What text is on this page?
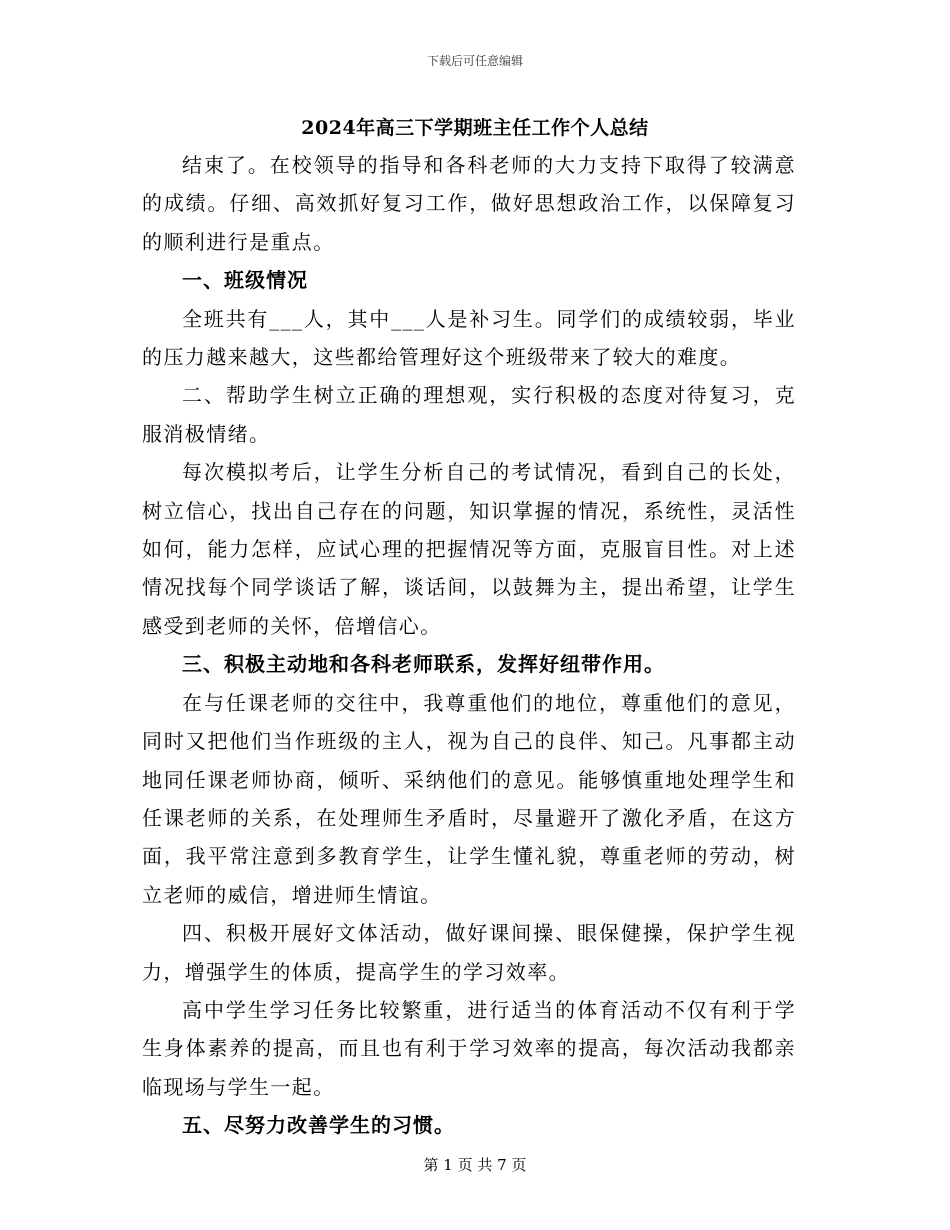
下载后可任意编辑
2024年高三下学期班主任工作个人总结

结束了。在校领导的指导和各科老师的大力支持下取得了较满意的成绩。仔细、高效抓好复习工作，做好思想政治工作，以保障复习的顺利进行是重点。

一、班级情况

全班共有___人，其中___人是补习生。同学们的成绩较弱，毕业的压力越来越大，这些都给管理好这个班级带来了较大的难度。

二、帮助学生树立正确的理想观，实行积极的态度对待复习，克服消极情绪。

每次模拟考后，让学生分析自己的考试情况，看到自己的长处，树立信心，找出自己存在的问题，知识掌握的情况，系统性，灵活性如何，能力怎样，应试心理的把握情况等方面，克服盲目性。对上述情况找每个同学谈话了解，谈话间，以鼓舞为主，提出希望，让学生感受到老师的关怀，倍增信心。

三、积极主动地和各科老师联系，发挥好纽带作用。

在与任课老师的交往中，我尊重他们的地位，尊重他们的意见，同时又把他们当作班级的主人，视为自己的良伴、知己。凡事都主动地同任课老师协商，倾听、采纳他们的意见。能够慎重地处理学生和任课老师的关系，在处理师生矛盾时，尽量避开了激化矛盾，在这方面，我平常注意到多教育学生，让学生懂礼貌，尊重老师的劳动，树立老师的威信，增进师生情谊。

四、积极开展好文体活动，做好课间操、眼保健操，保护学生视力，增强学生的体质，提高学生的学习效率。

高中学生学习任务比较繁重，进行适当的体育活动不仅有利于学生身体素养的提高，而且也有利于学习效率的提高，每次活动我都亲临现场与学生一起。

五、尽努力改善学生的习惯。

第 1 页 共 7 页
